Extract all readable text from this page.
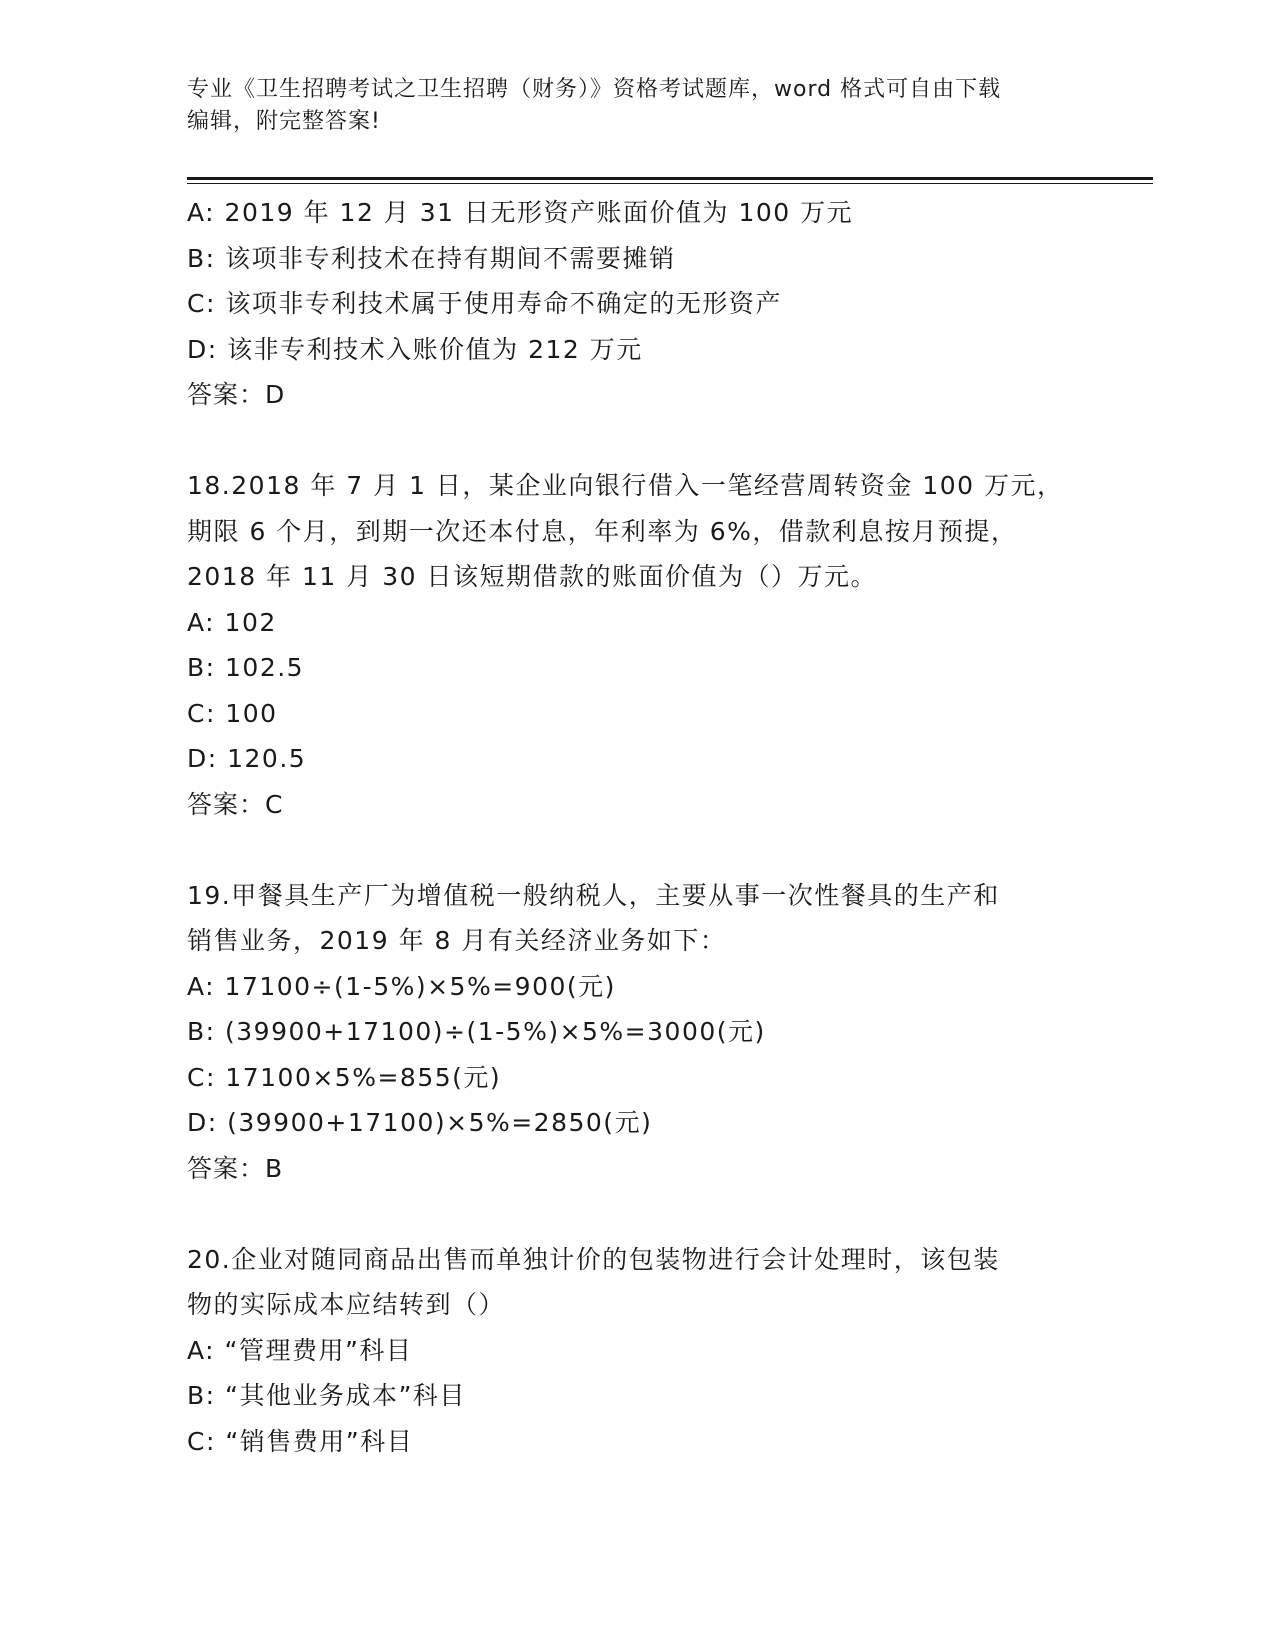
专业《卫生招聘考试之卫生招聘（财务）》资格考试题库，word 格式可自由下载
编辑，附完整答案!
A: 2019 年 12 月 31 日无形资产账面价值为 100 万元
B: 该项非专利技术在持有期间不需要摊销
C: 该项非专利技术属于使用寿命不确定的无形资产
D: 该非专利技术入账价值为 212 万元
答案：D
18.2018 年 7 月 1 日，某企业向银行借入一笔经营周转资金 100 万元，
期限 6 个月，到期一次还本付息，年利率为 6%，借款利息按月预提，
2018 年 11 月 30 日该短期借款的账面价值为（）万元。
A: 102
B: 102.5
C: 100
D: 120.5
答案：C
19.甲餐具生产厂为增值税一般纳税人，主要从事一次性餐具的生产和
销售业务，2019 年 8 月有关经济业务如下：
A: 17100÷(1-5%)×5%=900(元)
B: (39900+17100)÷(1-5%)×5%=3000(元)
C: 17100×5%=855(元)
D: (39900+17100)×5%=2850(元)
答案：B
20.企业对随同商品出售而单独计价的包装物进行会计处理时，该包装
物的实际成本应结转到（）
A: “管理费用”科目
B: “其他业务成本”科目
C: “销售费用”科目
